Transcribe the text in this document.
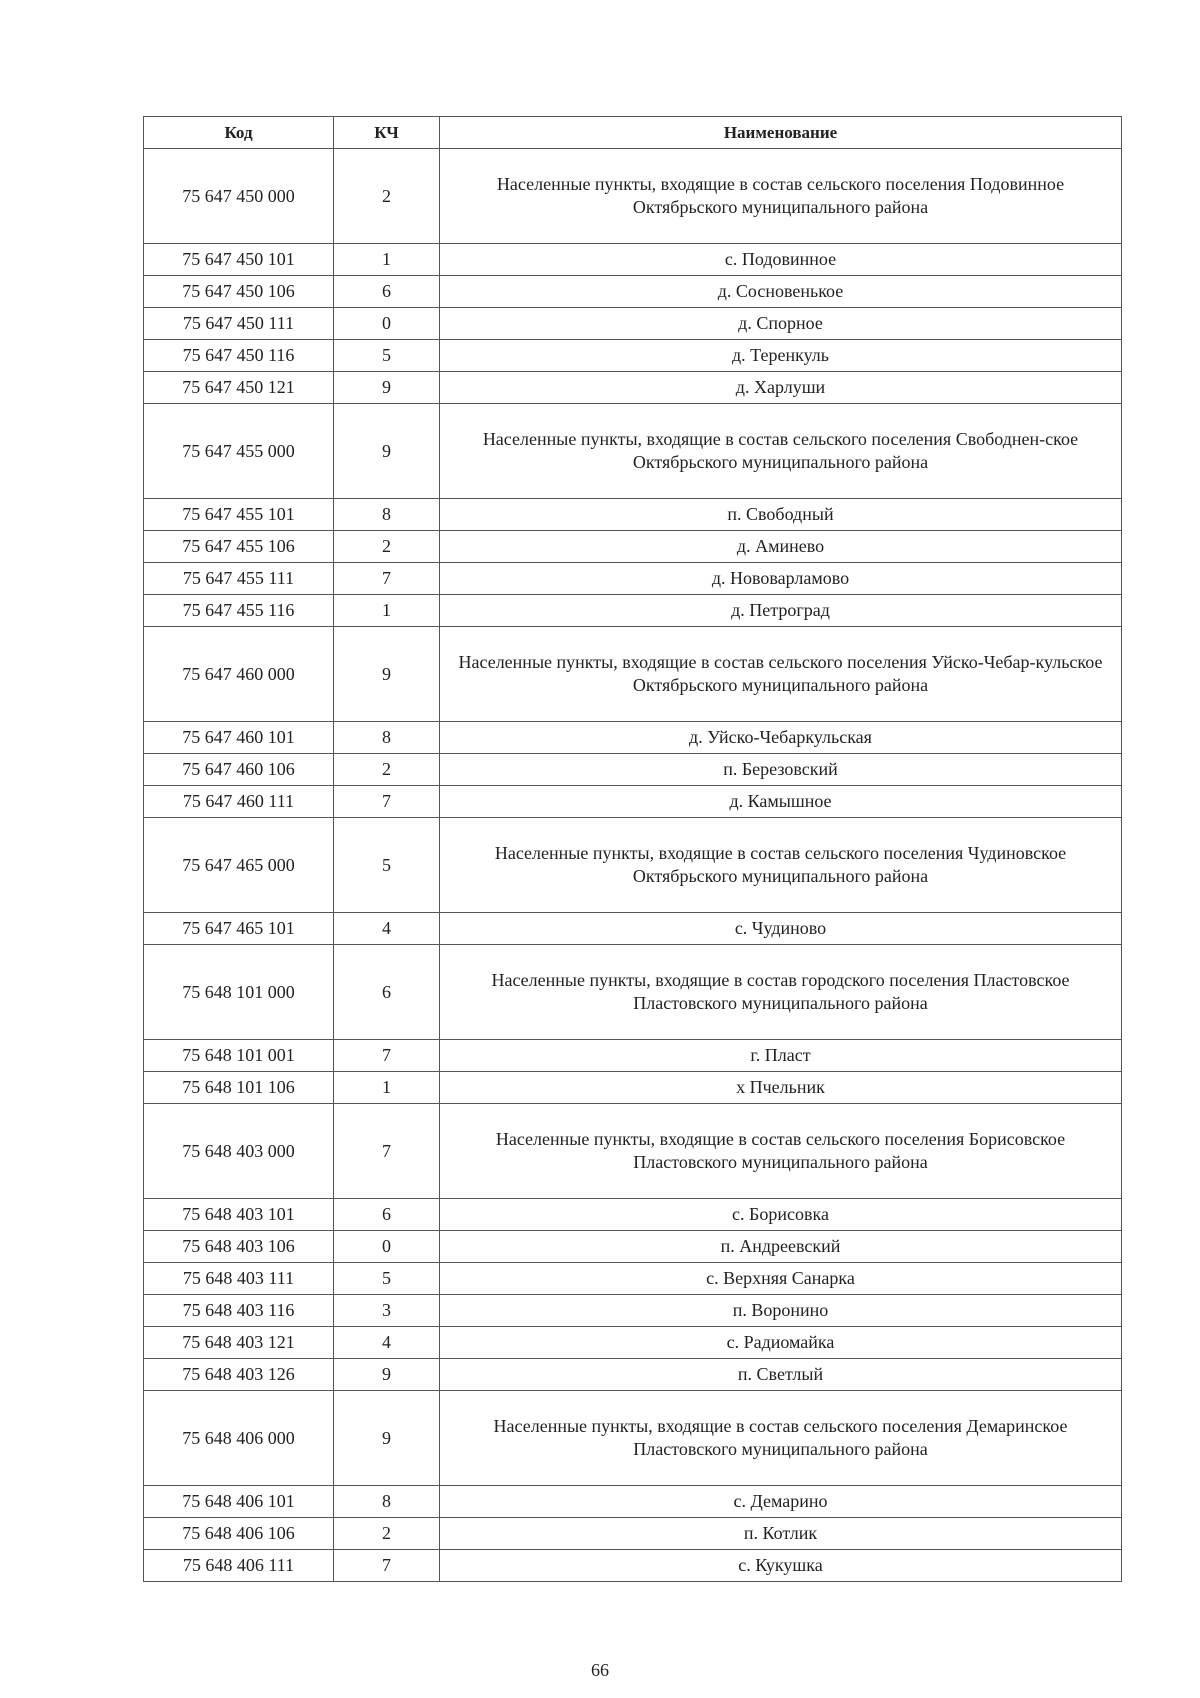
Код	КЧ	Наименование
75 647 450 000	2	Населенные пункты, входящие в состав сельского поселения Подовинное Октябрьского муниципального района
75 647 450 101	1	с. Подовинное
75 647 450 106	6	д. Сосновенькое
75 647 450 111	0	д. Спорное
75 647 450 116	5	д. Теренкуль
75 647 450 121	9	д. Харлуши
75 647 455 000	9	Населенные пункты, входящие в состав сельского поселения Свободнен-ское Октябрьского муниципального района
75 647 455 101	8	п. Свободный
75 647 455 106	2	д. Аминево
75 647 455 111	7	д. Нововарламово
75 647 455 116	1	д. Петроград
75 647 460 000	9	Населенные пункты, входящие в состав сельского поселения Уйско-Чебар-кульское Октябрьского муниципального района
75 647 460 101	8	д. Уйско-Чебаркульская
75 647 460 106	2	п. Березовский
75 647 460 111	7	д. Камышное
75 647 465 000	5	Населенные пункты, входящие в состав сельского поселения Чудиновское Октябрьского муниципального района
75 647 465 101	4	с. Чудиново
75 648 101 000	6	Населенные пункты, входящие в состав городского поселения Пластовское Пластовского муниципального района
75 648 101 001	7	г. Пласт
75 648 101 106	1	х Пчельник
75 648 403 000	7	Населенные пункты, входящие в состав сельского поселения Борисовское Пластовского муниципального района
75 648 403 101	6	с. Борисовка
75 648 403 106	0	п. Андреевский
75 648 403 111	5	с. Верхняя Санарка
75 648 403 116	3	п. Воронино
75 648 403 121	4	с. Радиомайка
75 648 403 126	9	п. Светлый
75 648 406 000	9	Населенные пункты, входящие в состав сельского поселения Демаринское Пластовского муниципального района
75 648 406 101	8	с. Демарино
75 648 406 106	2	п. Котлик
75 648 406 111	7	с. Кукушка
66
